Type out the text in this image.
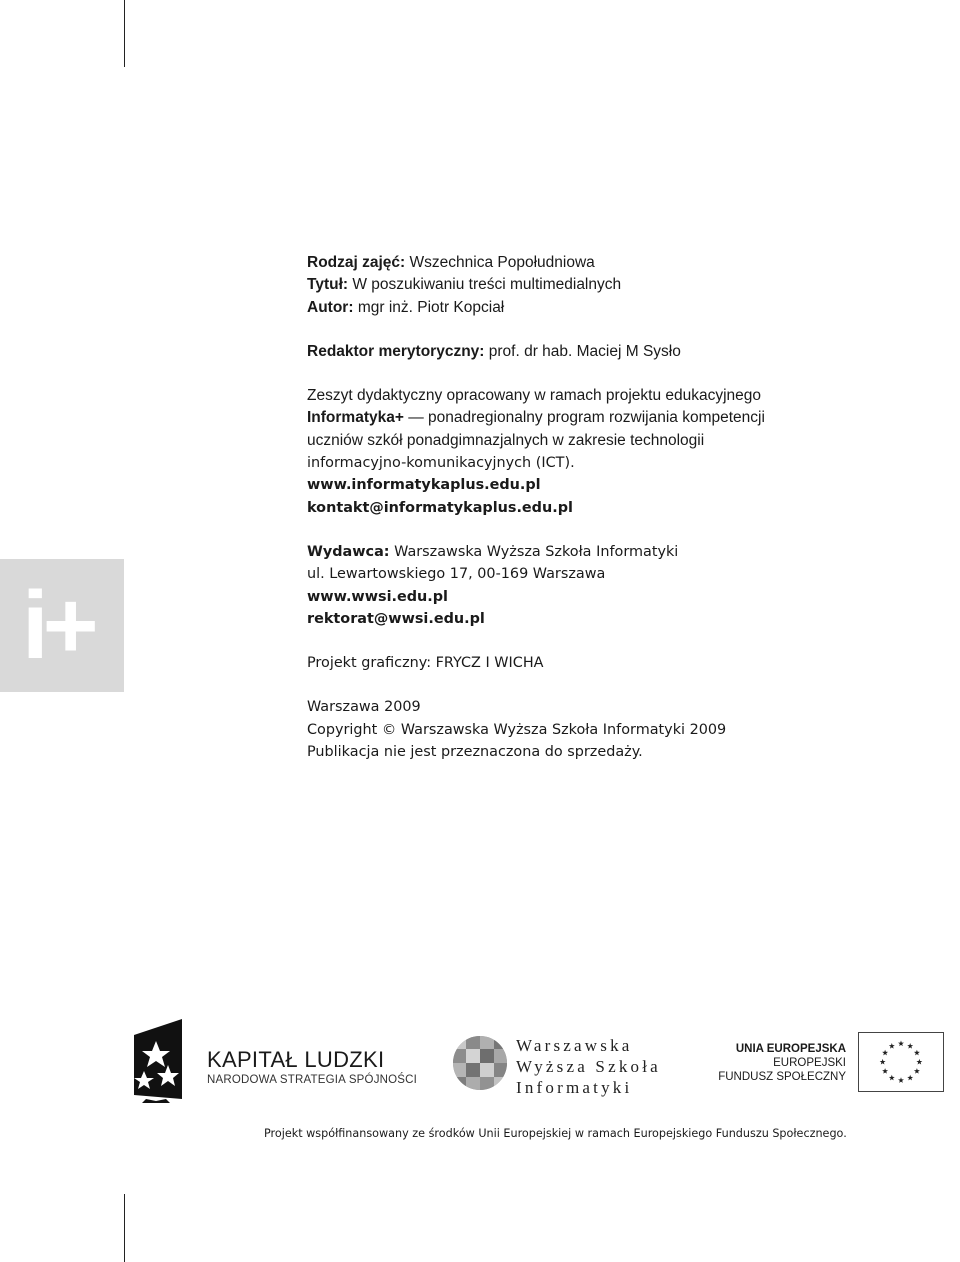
i+
Rodzaj zajęć: Wszechnica Popołudniowa
Tytuł: W poszukiwaniu treści multimedialnych
Autor: mgr inż. Piotr Kopciał
Redaktor merytoryczny: prof. dr hab. Maciej M Sysło
Zeszyt dydaktyczny opracowany w ramach projektu edukacyjnego
Informatyka+ — ponadregionalny program rozwijania kompetencji
uczniów szkół ponadgimnazjalnych w zakresie technologii
informacyjno-komunikacyjnych (ICT).
www.informatykaplus.edu.pl
kontakt@informatykaplus.edu.pl
Wydawca: Warszawska Wyższa Szkoła Informatyki
ul. Lewartowskiego 17, 00-169 Warszawa
www.wwsi.edu.pl
rektorat@wwsi.edu.pl
Projekt graficzny: FRYCZ I WICHA
Warszawa 2009
Copyright © Warszawska Wyższa Szkoła Informatyki 2009
Publikacja nie jest przeznaczona do sprzedaży.
KAPITAŁ LUDZKI
NARODOWA STRATEGIA SPÓJNOŚCI
Warszawska
Wyższa Szkoła
Informatyki
UNIA EUROPEJSKA
EUROPEJSKI
FUNDUSZ SPOŁECZNY
Projekt współfinansowany ze środków Unii Europejskiej w ramach Europejskiego Funduszu Społecznego.
